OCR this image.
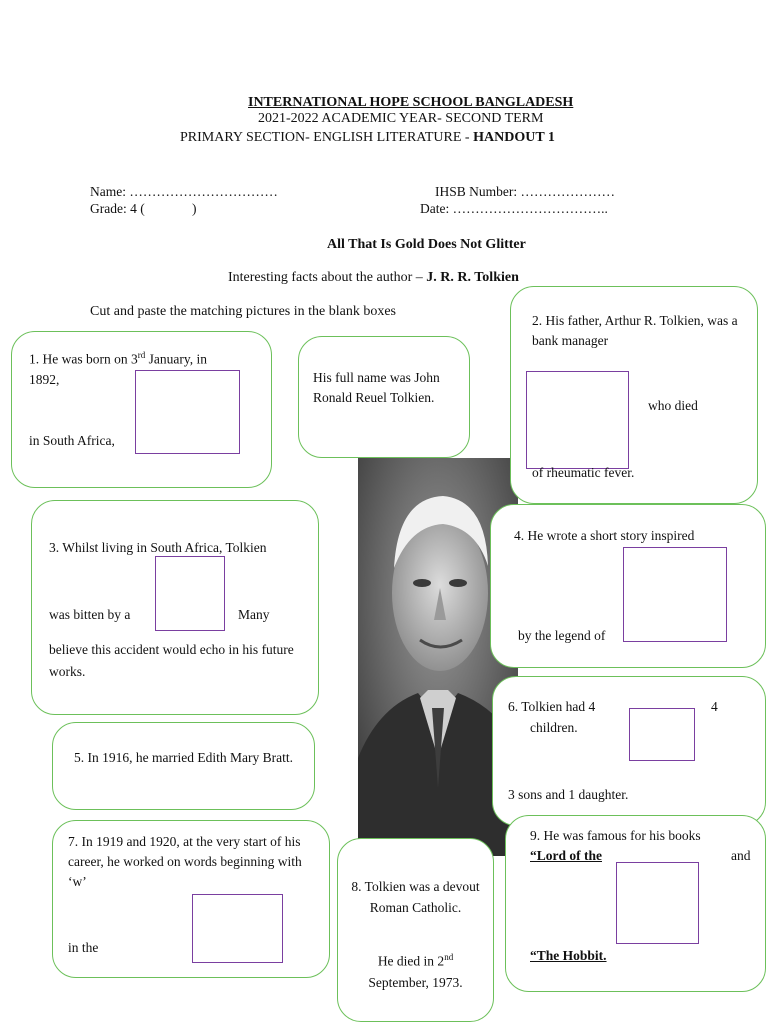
INTERNATIONAL HOPE SCHOOL BANGLADESH
2021-2022 ACADEMIC YEAR- SECOND TERM
PRIMARY SECTION- ENGLISH LITERATURE - HANDOUT 1
Name: ……………………………	IHSB Number: …………………
Grade: 4 (              )	Date: ……………………………..
All That Is Gold Does Not Glitter
Interesting facts about the author – J. R. R. Tolkien
Cut and paste the matching pictures in the blank boxes
1. He was born on 3rd January, in
1892,
in South Africa,
His full name was John Ronald Reuel Tolkien.
2. His father, Arthur R. Tolkien, was a bank manager
who died
of rheumatic fever.
3. Whilst living in South Africa, Tolkien
was bitten by a	Many
believe this accident would echo in his future works.
4. He wrote a short story inspired
by the legend of
5. In 1916, he married Edith Mary Bratt.
6. Tolkien had 4	4
children.
3 sons and 1 daughter.
7. In 1919 and 1920, at the very start of his career, he worked on words beginning with ‘w’
in the
8. Tolkien was a devout Roman Catholic.
He died in 2nd
September, 1973.
9. He was famous for his books
“Lord of the	and
“The Hobbit.
